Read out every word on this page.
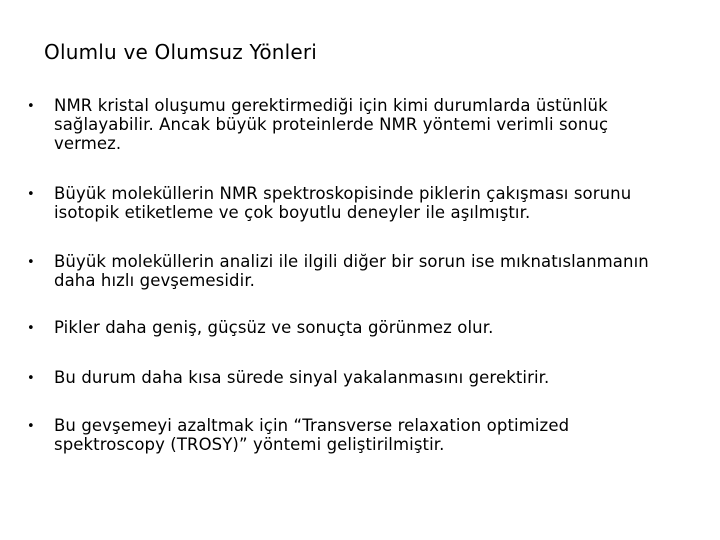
Olumlu ve Olumsuz Yönleri
• NMR kristal oluşumu gerektirmediği için kimi durumlarda üstünlük sağlayabilir. Ancak büyük proteinlerde NMR yöntemi verimli sonuç vermez.
• Büyük moleküllerin NMR spektroskopisinde piklerin çakışması sorunu isotopik etiketleme ve çok boyutlu deneyler ile aşılmıştır.
• Büyük moleküllerin analizi ile ilgili diğer bir sorun ise mıknatıslanmanın daha hızlı gevşemesidir.
• Pikler daha geniş, güçsüz ve sonuçta görünmez olur.
• Bu durum daha kısa sürede sinyal yakalanmasını gerektirir.
• Bu gevşemeyi azaltmak için “Transverse relaxation optimized spektroscopy (TROSY)” yöntemi geliştirilmiştir.
